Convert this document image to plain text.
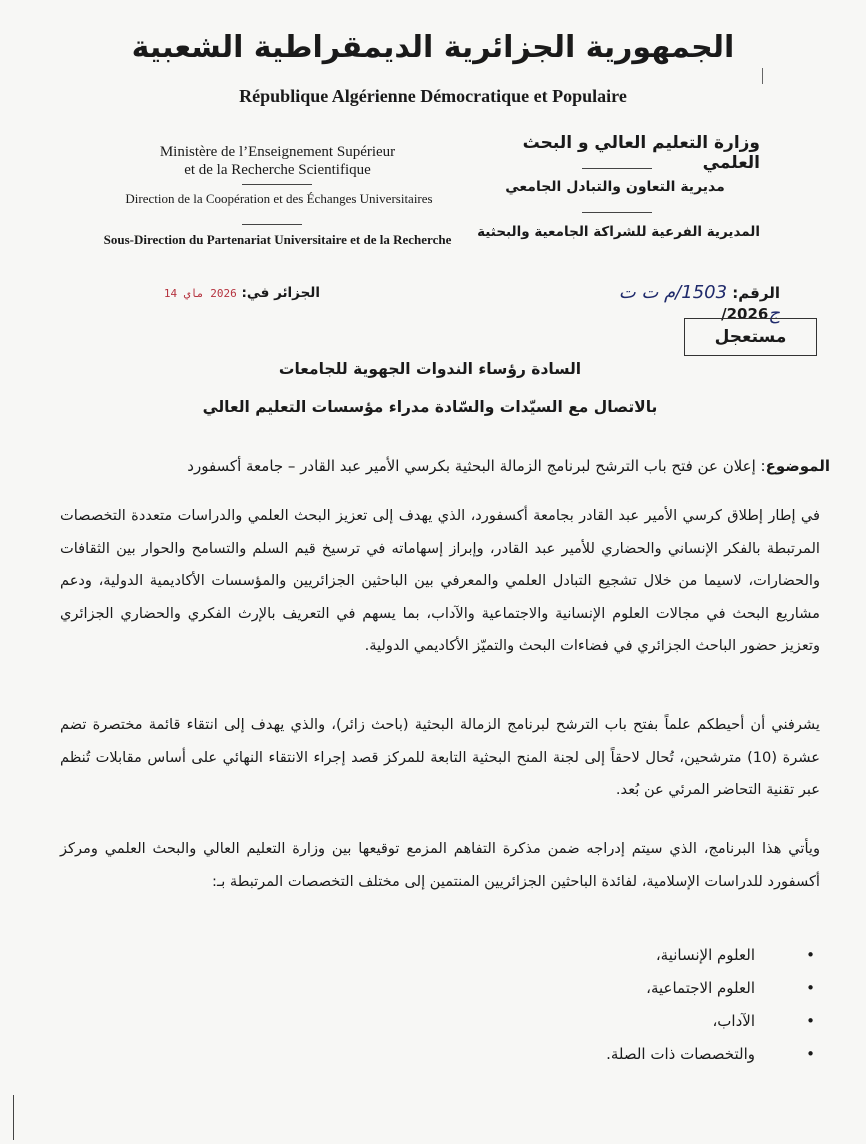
الجمهورية الجزائرية الديمقراطية الشعبية
République Algérienne Démocratique et Populaire
Ministère de l’Enseignement Supérieur
et de la Recherche Scientifique
Direction de la Coopération et des Échanges Universitaires
Sous-Direction du Partenariat Universitaire et de la Recherche
وزارة التعليم العالي و البحث العلمي
مديرية التعاون والتبادل الجامعي
المديرية الفرعية للشراكة الجامعية والبحثية
الرقم: 1503/م ت ت ج2026/
الجزائر في: 2026 ماي 14
مستعجل
السادة رؤساء الندوات الجهوية للجامعات
بالاتصال مع السيّدات والسّادة مدراء مؤسسات التعليم العالي
الموضوع: إعلان عن فتح باب الترشح لبرنامج الزمالة البحثية بكرسي الأمير عبد القادر – جامعة أكسفورد
في إطار إطلاق كرسي الأمير عبد القادر بجامعة أكسفورد، الذي يهدف إلى تعزيز البحث العلمي والدراسات متعددة التخصصات المرتبطة بالفكر الإنساني والحضاري للأمير عبد القادر، وإبراز إسهاماته في ترسيخ قيم السلم والتسامح والحوار بين الثقافات والحضارات، لاسيما من خلال تشجيع التبادل العلمي والمعرفي بين الباحثين الجزائريين والمؤسسات الأكاديمية الدولية، ودعم مشاريع البحث في مجالات العلوم الإنسانية والاجتماعية والآداب، بما يسهم في التعريف بالإرث الفكري والحضاري الجزائري وتعزيز حضور الباحث الجزائري في فضاءات البحث والتميّز الأكاديمي الدولية.
يشرفني أن أحيطكم علماً بفتح باب الترشح لبرنامج الزمالة البحثية (باحث زائر)، والذي يهدف إلى انتقاء قائمة مختصرة تضم عشرة (10) مترشحين، تُحال لاحقاً إلى لجنة المنح البحثية التابعة للمركز قصد إجراء الانتقاء النهائي على أساس مقابلات تُنظم عبر تقنية التحاضر المرئي عن بُعد.
ويأتي هذا البرنامج، الذي سيتم إدراجه ضمن مذكرة التفاهم المزمع توقيعها بين وزارة التعليم العالي والبحث العلمي ومركز أكسفورد للدراسات الإسلامية، لفائدة الباحثين الجزائريين المنتمين إلى مختلف التخصصات المرتبطة بـ:
•
العلوم الإنسانية،
•
العلوم الاجتماعية،
•
الآداب،
•
والتخصصات ذات الصلة.
